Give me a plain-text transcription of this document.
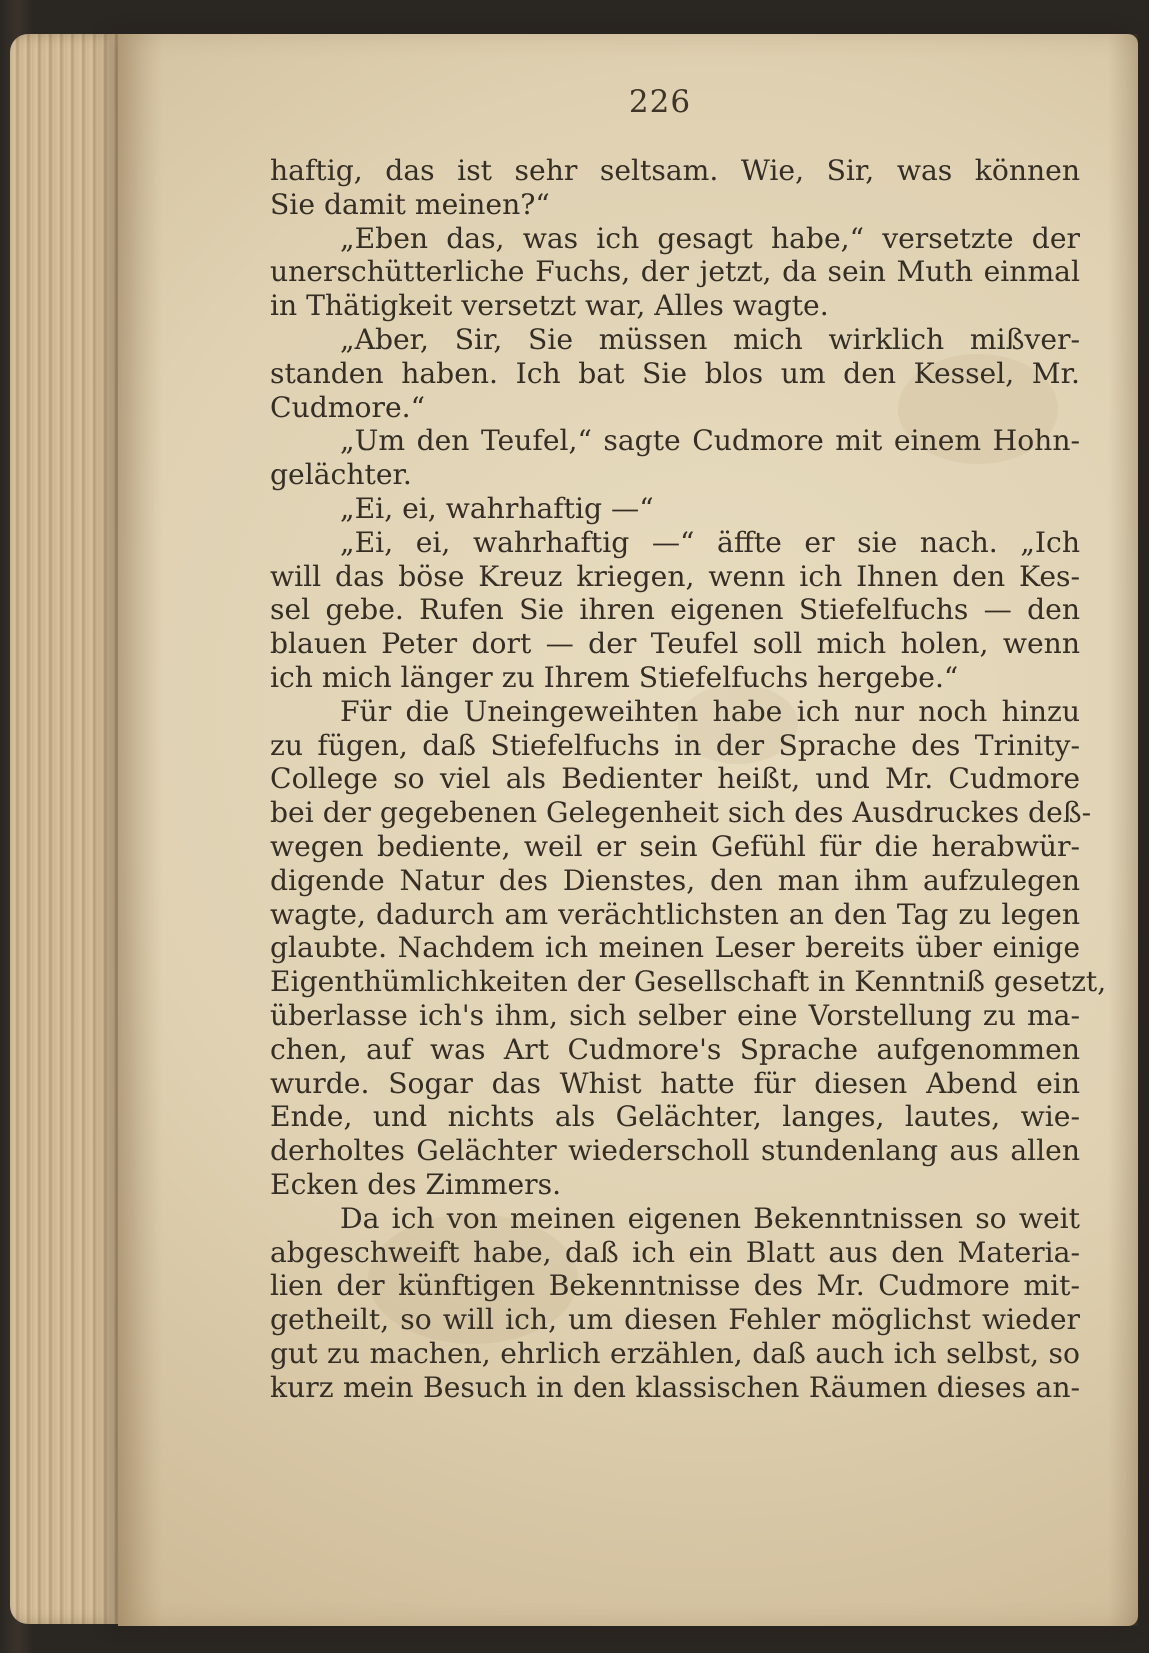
226
haftig, das ist sehr seltsam. Wie, Sir, was können
Sie damit meinen?“
„Eben das, was ich gesagt habe,“ versetzte der
unerschütterliche Fuchs, der jetzt, da sein Muth einmal
in Thätigkeit versetzt war, Alles wagte.
„Aber, Sir, Sie müssen mich wirklich mißver-
standen haben. Ich bat Sie blos um den Kessel, Mr.
Cudmore.“
„Um den Teufel,“ sagte Cudmore mit einem Hohn-
gelächter.
„Ei, ei, wahrhaftig —“
„Ei, ei, wahrhaftig —“ äffte er sie nach. „Ich
will das böse Kreuz kriegen, wenn ich Ihnen den Kes-
sel gebe. Rufen Sie ihren eigenen Stiefelfuchs — den
blauen Peter dort — der Teufel soll mich holen, wenn
ich mich länger zu Ihrem Stiefelfuchs hergebe.“
Für die Uneingeweihten habe ich nur noch hinzu
zu fügen, daß Stiefelfuchs in der Sprache des Trinity-
College so viel als Bedienter heißt, und Mr. Cudmore
bei der gegebenen Gelegenheit sich des Ausdruckes deß-
wegen bediente, weil er sein Gefühl für die herabwür-
digende Natur des Dienstes, den man ihm aufzulegen
wagte, dadurch am verächtlichsten an den Tag zu legen
glaubte. Nachdem ich meinen Leser bereits über einige
Eigenthümlichkeiten der Gesellschaft in Kenntniß gesetzt,
überlasse ich's ihm, sich selber eine Vorstellung zu ma-
chen, auf was Art Cudmore's Sprache aufgenommen
wurde. Sogar das Whist hatte für diesen Abend ein
Ende, und nichts als Gelächter, langes, lautes, wie-
derholtes Gelächter wiederscholl stundenlang aus allen
Ecken des Zimmers.
Da ich von meinen eigenen Bekenntnissen so weit
abgeschweift habe, daß ich ein Blatt aus den Materia-
lien der künftigen Bekenntnisse des Mr. Cudmore mit-
getheilt, so will ich, um diesen Fehler möglichst wieder
gut zu machen, ehrlich erzählen, daß auch ich selbst, so
kurz mein Besuch in den klassischen Räumen dieses an-
